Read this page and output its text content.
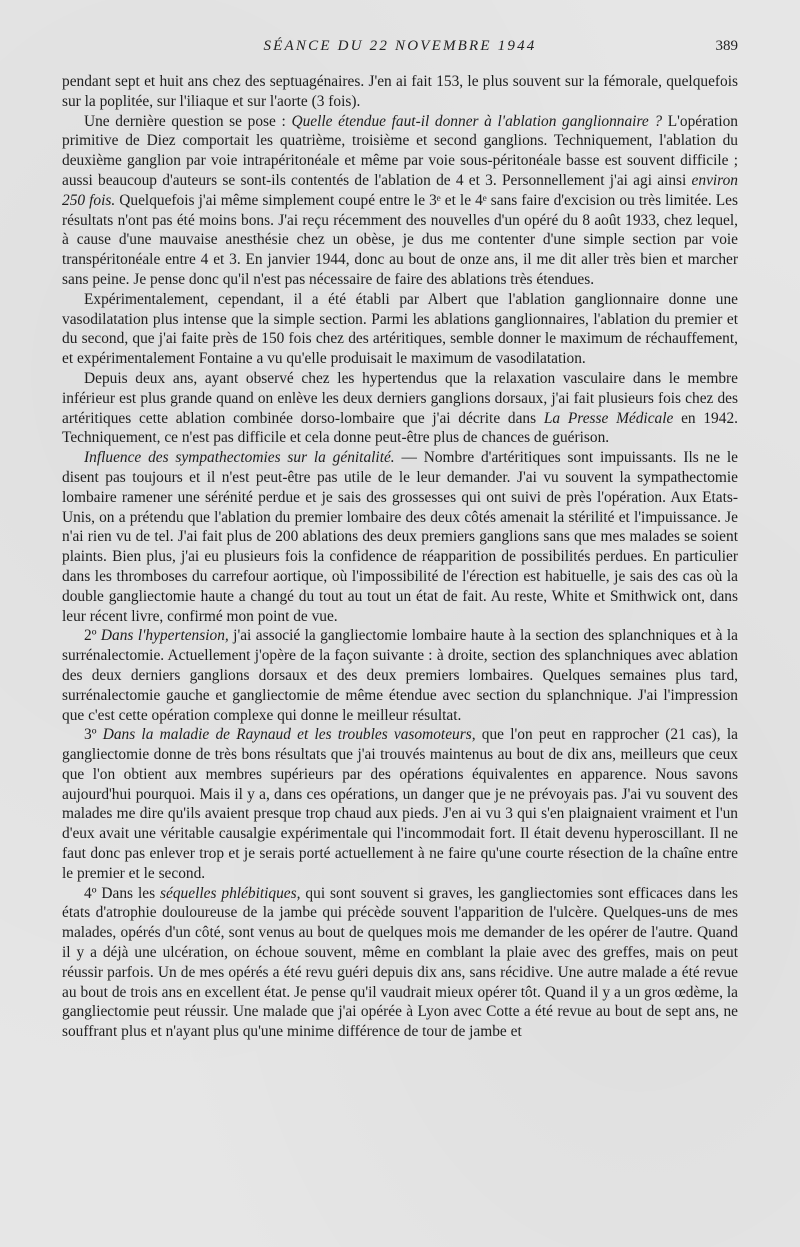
SÉANCE DU 22 NOVEMBRE 1944	389

pendant sept et huit ans chez des septuagénaires. J'en ai fait 153, le plus souvent sur la fémorale, quelquefois sur la poplitée, sur l'iliaque et sur l'aorte (3 fois).

Une dernière question se pose : Quelle étendue faut-il donner à l'ablation ganglionnaire ? L'opération primitive de Diez comportait les quatrième, troisième et second ganglions. Techniquement, l'ablation du deuxième ganglion par voie intrapéritonéale et même par voie sous-péritonéale basse est souvent difficile ; aussi beaucoup d'auteurs se sont-ils contentés de l'ablation de 4 et 3. Personnellement j'ai agi ainsi environ 250 fois. Quelquefois j'ai même simplement coupé entre le 3ᵉ et le 4ᵉ sans faire d'excision ou très limitée. Les résultats n'ont pas été moins bons. J'ai reçu récemment des nouvelles d'un opéré du 8 août 1933, chez lequel, à cause d'une mauvaise anesthésie chez un obèse, je dus me contenter d'une simple section par voie transpéritonéale entre 4 et 3. En janvier 1944, donc au bout de onze ans, il me dit aller très bien et marcher sans peine. Je pense donc qu'il n'est pas nécessaire de faire des ablations très étendues.

Expérimentalement, cependant, il a été établi par Albert que l'ablation ganglionnaire donne une vasodilatation plus intense que la simple section. Parmi les ablations ganglionnaires, l'ablation du premier et du second, que j'ai faite près de 150 fois chez des artéritiques, semble donner le maximum de réchauffement, et expérimentalement Fontaine a vu qu'elle produisait le maximum de vasodilatation.

Depuis deux ans, ayant observé chez les hypertendus que la relaxation vasculaire dans le membre inférieur est plus grande quand on enlève les deux derniers ganglions dorsaux, j'ai fait plusieurs fois chez des artéritiques cette ablation combinée dorso-lombaire que j'ai décrite dans La Presse Médicale en 1942. Techniquement, ce n'est pas difficile et cela donne peut-être plus de chances de guérison.

Influence des sympathectomies sur la génitalité. — Nombre d'artéritiques sont impuissants. Ils ne le disent pas toujours et il n'est peut-être pas utile de le leur demander. J'ai vu souvent la sympathectomie lombaire ramener une sérénité perdue et je sais des grossesses qui ont suivi de près l'opération. Aux Etats-Unis, on a prétendu que l'ablation du premier lombaire des deux côtés amenait la stérilité et l'impuissance. Je n'ai rien vu de tel. J'ai fait plus de 200 ablations des deux premiers ganglions sans que mes malades se soient plaints. Bien plus, j'ai eu plusieurs fois la confidence de réapparition de possibilités perdues. En particulier dans les thromboses du carrefour aortique, où l'impossibilité de l'érection est habituelle, je sais des cas où la double gangliectomie haute a changé du tout au tout un état de fait. Au reste, White et Smithwick ont, dans leur récent livre, confirmé mon point de vue.

2º Dans l'hypertension, j'ai associé la gangliectomie lombaire haute à la section des splanchniques et à la surrénalectomie. Actuellement j'opère de la façon suivante : à droite, section des splanchniques avec ablation des deux derniers ganglions dorsaux et des deux premiers lombaires. Quelques semaines plus tard, surrénalectomie gauche et gangliectomie de même étendue avec section du splanchnique. J'ai l'impression que c'est cette opération complexe qui donne le meilleur résultat.

3º Dans la maladie de Raynaud et les troubles vasomoteurs, que l'on peut en rapprocher (21 cas), la gangliectomie donne de très bons résultats que j'ai trouvés maintenus au bout de dix ans, meilleurs que ceux que l'on obtient aux membres supérieurs par des opérations équivalentes en apparence. Nous savons aujourd'hui pourquoi. Mais il y a, dans ces opérations, un danger que je ne prévoyais pas. J'ai vu souvent des malades me dire qu'ils avaient presque trop chaud aux pieds. J'en ai vu 3 qui s'en plaignaient vraiment et l'un d'eux avait une véritable causalgie expérimentale qui l'incommodait fort. Il était devenu hyperoscillant. Il ne faut donc pas enlever trop et je serais porté actuellement à ne faire qu'une courte résection de la chaîne entre le premier et le second.

4º Dans les séquelles phlébitiques, qui sont souvent si graves, les gangliectomies sont efficaces dans les états d'atrophie douloureuse de la jambe qui précède souvent l'apparition de l'ulcère. Quelques-uns de mes malades, opérés d'un côté, sont venus au bout de quelques mois me demander de les opérer de l'autre. Quand il y a déjà une ulcération, on échoue souvent, même en comblant la plaie avec des greffes, mais on peut réussir parfois. Un de mes opérés a été revu guéri depuis dix ans, sans récidive. Une autre malade a été revue au bout de trois ans en excellent état. Je pense qu'il vaudrait mieux opérer tôt. Quand il y a un gros œdème, la gangliectomie peut réussir. Une malade que j'ai opérée à Lyon avec Cotte a été revue au bout de sept ans, ne souffrant plus et n'ayant plus qu'une minime différence de tour de jambe et
